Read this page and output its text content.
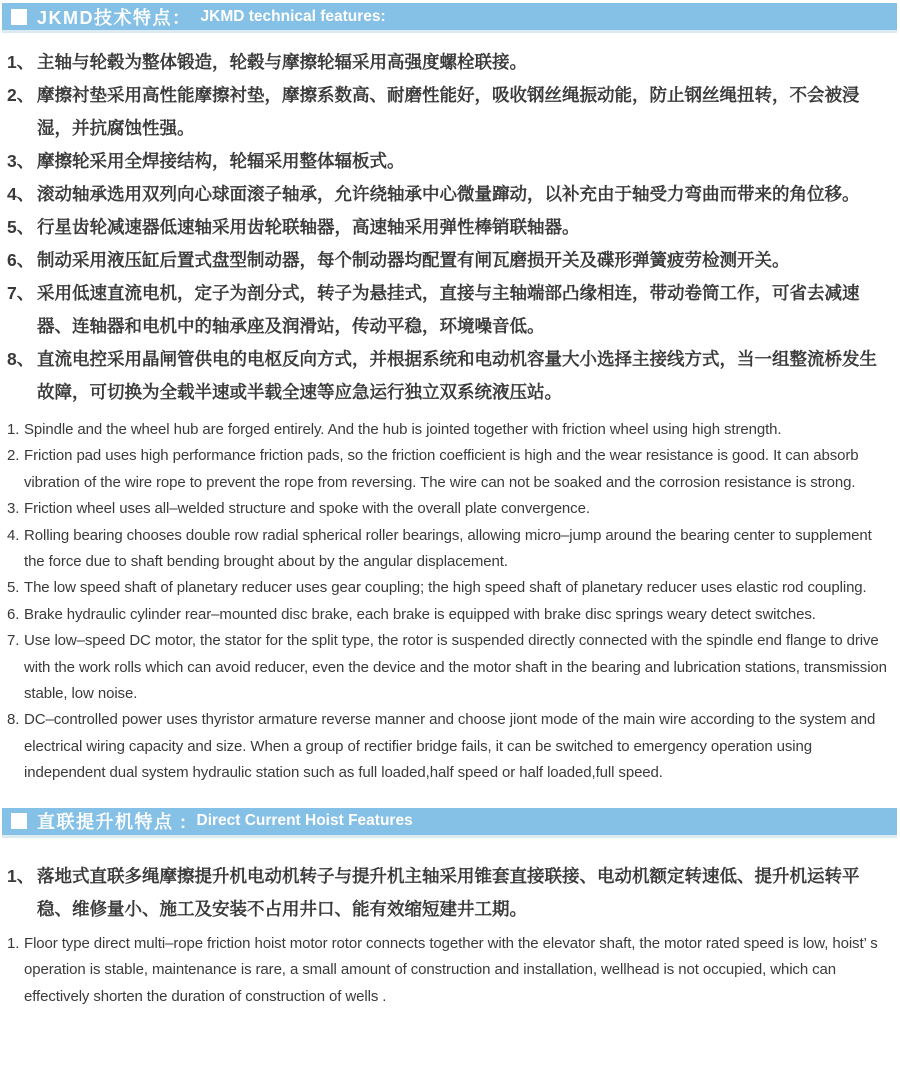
JKMD技术特点： JKMD technical features:
1、 主轴与轮毂为整体锻造，轮毂与摩擦轮辐采用高强度螺栓联接。
2、 摩擦衬垫采用高性能摩擦衬垫，摩擦系数高、耐磨性能好，吸收钢丝绳振动能，防止钢丝绳扭转，不会被浸湿，并抗腐蚀性强。
3、 摩擦轮采用全焊接结构，轮辐采用整体辐板式。
4、 滚动轴承选用双列向心球面滚子轴承，允许绕轴承中心微量蹿动，以补充由于轴受力弯曲而带来的角位移。
5、 行星齿轮减速器低速轴采用齿轮联轴器，高速轴采用弹性棒销联轴器。
6、 制动采用液压缸后置式盘型制动器，每个制动器均配置有闸瓦磨损开关及碟形弹簧疲劳检测开关。
7、 采用低速直流电机，定子为剖分式，转子为悬挂式，直接与主轴端部凸缘相连，带动卷筒工作，可省去减速器、连轴器和电机中的轴承座及润滑站，传动平稳，环境噪音低。
8、 直流电控采用晶闸管供电的电枢反向方式，并根据系统和电动机容量大小选择主接线方式，当一组整流桥发生故障，可切换为全载半速或半载全速等应急运行独立双系统液压站。
1. Spindle and the wheel hub are forged entirely. And the hub is jointed together with friction wheel using high strength.
2. Friction pad uses high performance friction pads, so the friction coefficient is high and the wear resistance is good. It can absorb vibration of the wire rope to prevent the rope from reversing. The wire can not be soaked and the corrosion resistance is strong.
3. Friction wheel uses all–welded structure and spoke with the overall plate convergence.
4. Rolling bearing chooses double row radial spherical roller bearings, allowing micro–jump around the bearing center to supplement the force due to shaft bending brought about by the angular displacement.
5. The low speed shaft of planetary reducer uses gear coupling; the high speed shaft of planetary reducer uses elastic rod coupling.
6. Brake hydraulic cylinder rear–mounted disc brake, each brake is equipped with brake disc springs weary detect switches.
7. Use low–speed DC motor, the stator for the split type, the rotor is suspended directly connected with the spindle end flange to drive with the work rolls which can avoid reducer, even the device and the motor shaft in the bearing and lubrication stations, transmission stable, low noise.
8. DC–controlled power uses thyristor armature reverse manner and choose jiont mode of the main wire according to the system and electrical wiring capacity and size. When a group of rectifier bridge fails, it can be switched to emergency operation using independent dual system hydraulic station such as full loaded,half speed or half loaded,full speed.
直联提升机特点 : Direct Current Hoist Features
1、 落地式直联多绳摩擦提升机电动机转子与提升机主轴采用锥套直接联接、电动机额定转速低、提升机运转平稳、维修量小、施工及安装不占用井口、能有效缩短建井工期。
1. Floor type direct multi–rope friction hoist motor rotor connects together with the elevator shaft, the motor rated speed is low, hoist’ s operation is stable, maintenance is rare, a small amount of construction and installation, wellhead is not occupied, which can effectively shorten the duration of construction of wells .
